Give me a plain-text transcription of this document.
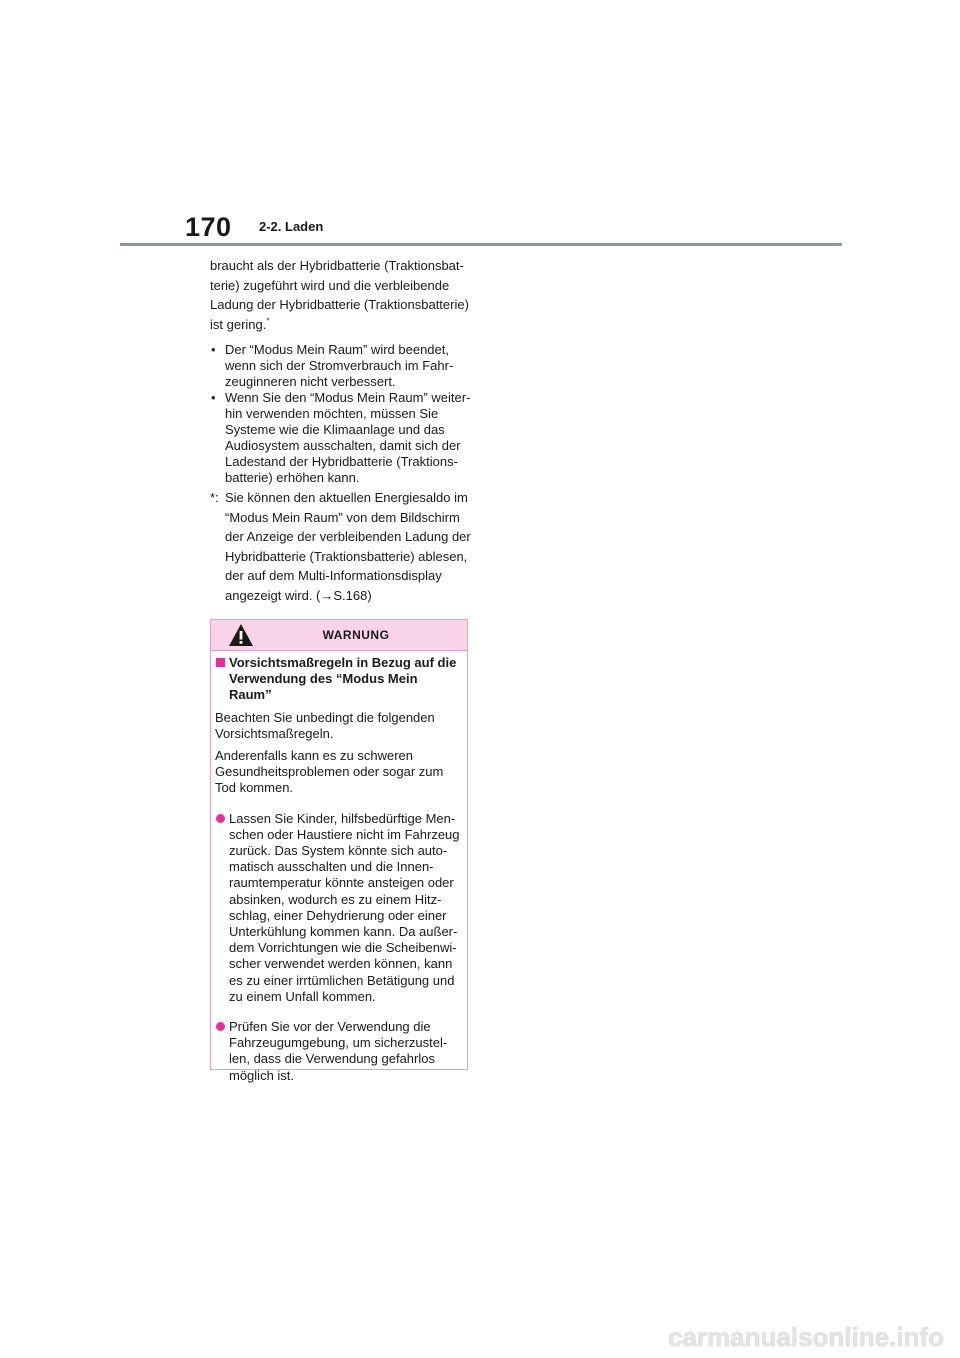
170 2-2. Laden

braucht als der Hybridbatterie (Traktionsbat-terie) zugeführt wird und die verbleibende Ladung der Hybridbatterie (Traktionsbatterie) ist gering.*

• Der “Modus Mein Raum” wird beendet, wenn sich der Stromverbrauch im Fahr-zeuginneren nicht verbessert.
• Wenn Sie den “Modus Mein Raum” weiter-hin verwenden möchten, müssen Sie Systeme wie die Klimaanlage und das Audiosystem ausschalten, damit sich der Ladestand der Hybridbatterie (Traktions-batterie) erhöhen kann.
*: Sie können den aktuellen Energiesaldo im “Modus Mein Raum” von dem Bildschirm der Anzeige der verbleibenden Ladung der Hybridbatterie (Traktionsbatterie) ablesen, der auf dem Multi-Informationsdisplay angezeigt wird. (→S.168)
WARNUNG
Vorsichtsmaßregeln in Bezug auf die Verwendung des “Modus Mein Raum”

Beachten Sie unbedingt die folgenden Vorsichtsmaßregeln.

Anderenfalls kann es zu schweren Gesundheitsproblemen oder sogar zum Tod kommen.

Lassen Sie Kinder, hilfsbedürftige Men-schen oder Haustiere nicht im Fahrzeug zurück. Das System könnte sich auto-matisch ausschalten und die Innen-raumtemperatur könnte ansteigen oder absinken, wodurch es zu einem Hitz-schlag, einer Dehydrierung oder einer Unterkühlung kommen kann. Da außer-dem Vorrichtungen wie die Scheibenwi-scher verwendet werden können, kann es zu einer irrtümlichen Betätigung und zu einem Unfall kommen.
Prüfen Sie vor der Verwendung die Fahrzeugumgebung, um sicherzustel-len, dass die Verwendung gefahrlos möglich ist.
carmanualsonline.info
